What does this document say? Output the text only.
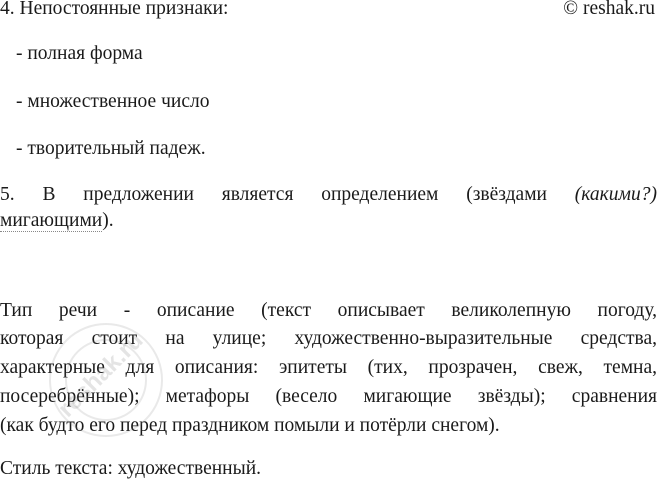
4. Непостоянные признаки:	© reshak.ru
- полная форма
- множественное число
- творительный падеж.
5. В предложении является определением (звёздами (какими?)
мигающими).
Тип речи - описание (текст описывает великолепную погоду,
которая стоит на улице; художественно-выразительные средства,
характерные для описания: эпитеты (тих, прозрачен, свеж, темна,
посеребрённые); метафоры (весело мигающие звёзды); сравнения
(как будто его перед праздником помыли и потёрли снегом).
Стиль текста: художественный.
reshak.ru
